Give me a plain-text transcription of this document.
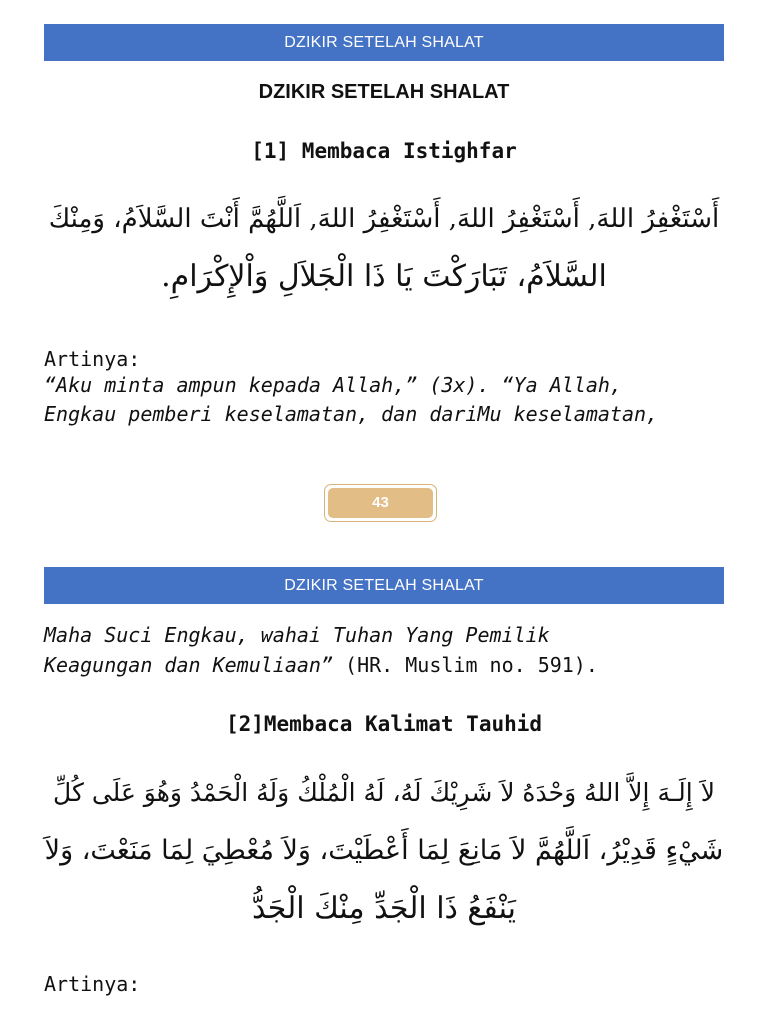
DZIKIR SETELAH SHALAT
DZIKIR SETELAH SHALAT
[1] Membaca Istighfar
أَسْتَغْفِرُ اللهَ, أَسْتَغْفِرُ اللهَ, أَسْتَغْفِرُ اللهَ, اَللَّهُمَّ أَنْتَ السَّلاَمُ، وَمِنْكَ
السَّلاَمُ، تَبَارَكْتَ يَا ذَا الْجَلاَلِ وَاْلإِكْرَامِ.
Artinya:
“Aku minta ampun kepada Allah,” (3x). “Ya Allah,
Engkau pemberi keselamatan, dan dariMu keselamatan,
43
DZIKIR SETELAH SHALAT
Maha Suci Engkau, wahai Tuhan Yang Pemilik
Keagungan dan Kemuliaan” (HR. Muslim no. 591).
[2]Membaca Kalimat Tauhid
لاَ إِلَـهَ إِلاَّ اللهُ وَحْدَهُ لاَ شَرِيْكَ لَهُ، لَهُ الْمُلْكُ وَلَهُ الْحَمْدُ وَهُوَ عَلَى كُلِّ
شَيْءٍ قَدِيْرُ، اَللَّهُمَّ لاَ مَانِعَ لِمَا أَعْطَيْتَ، وَلاَ مُعْطِيَ لِمَا مَنَعْتَ، وَلاَ
يَنْفَعُ ذَا الْجَدِّ مِنْكَ الْجَدُّ
Artinya:
